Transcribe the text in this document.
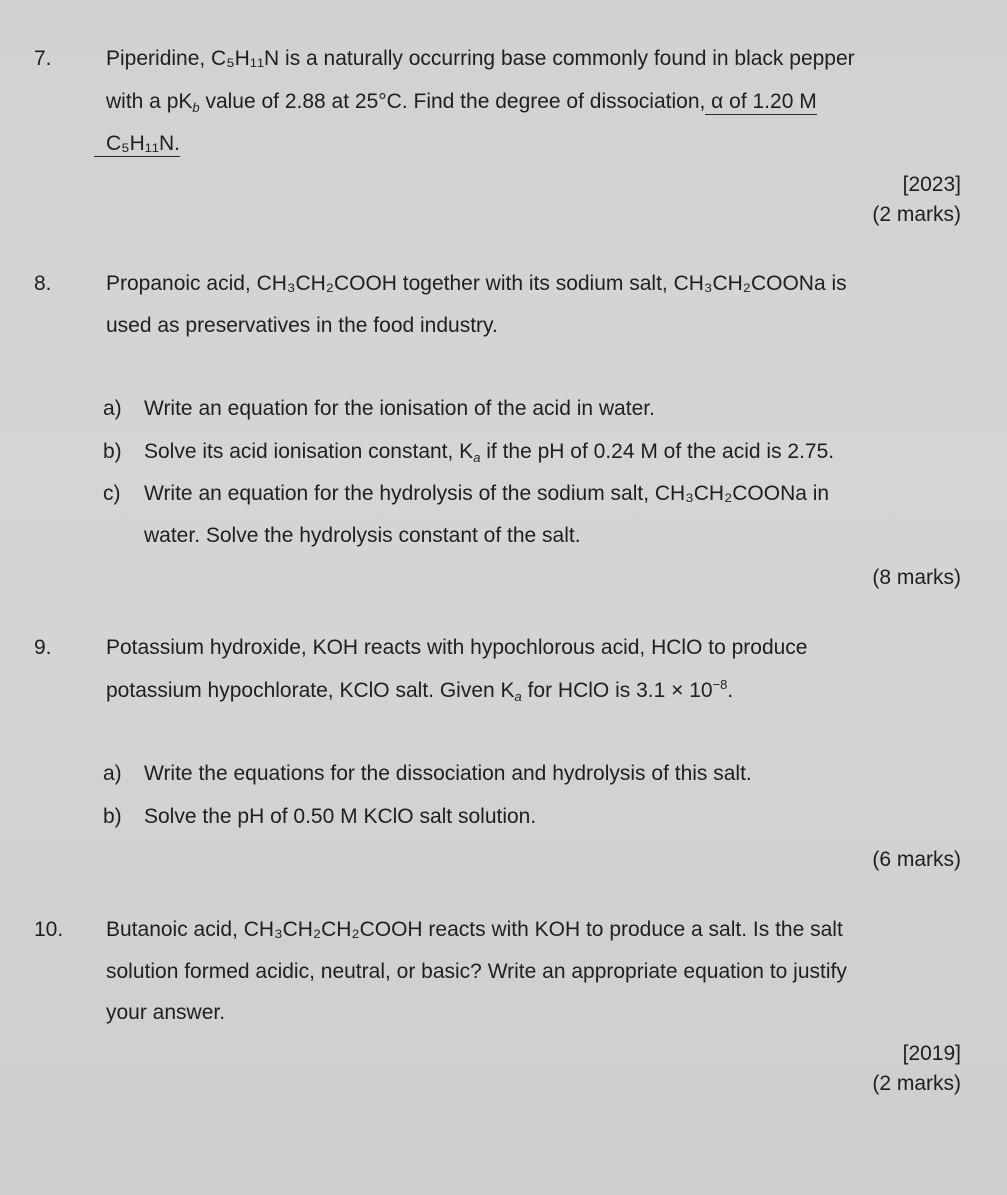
7.	Piperidine, C₅H₁₁N is a naturally occurring base commonly found in black pepper
with a $pK_b$ value of 2.88 at 25°C. Find the degree of dissociation, α of 1.20 M
C₅H₁₁N.
[2023]
(2 marks)
8.	Propanoic acid, CH₃CH₂COOH together with its sodium salt, CH₃CH₂COONa is
used as preservatives in the food industry.
a) Write an equation for the ionisation of the acid in water.
b) Solve its acid ionisation constant, $K_a$ if the pH of 0.24 M of the acid is 2.75.
c) Write an equation for the hydrolysis of the sodium salt, CH₃CH₂COONa in
water. Solve the hydrolysis constant of the salt.
(8 marks)
9.	Potassium hydroxide, KOH reacts with hypochlorous acid, HClO to produce
potassium hypochlorate, KClO salt. Given $K_a$ for HClO is $3.1 \times 10^{-8}$.
a) Write the equations for the dissociation and hydrolysis of this salt.
b) Solve the pH of 0.50 M KClO salt solution.
(6 marks)
10. Butanoic acid, CH₃CH₂CH₂COOH reacts with KOH to produce a salt. Is the salt
solution formed acidic, neutral, or basic? Write an appropriate equation to justify
your answer.
[2019]
(2 marks)
